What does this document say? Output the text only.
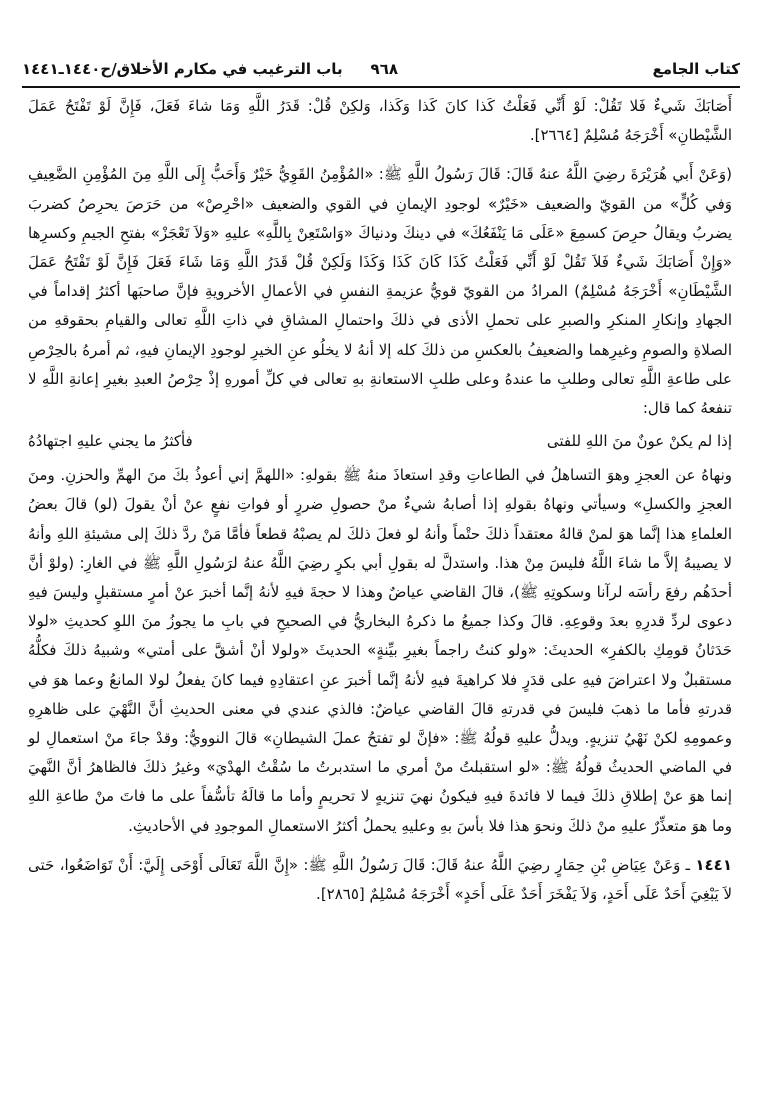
كتاب الجامع
٩٦٨
باب الترغيب في مكارم الأخلاق/ح١٤٤٠ـ١٤٤١

أَصَابَكَ شَيءٌ فَلا تَقُلْ: لَوْ أَنِّي فَعَلْتُ كَذا كانَ كَذا وَكَذا، وَلكِنْ قُلْ: قَدَرُ اللَّهِ وَمَا شاءَ فَعَلَ، فَإِنَّ لَوْ تَفْتَحُ عَمَلَ الشَّيْطانِ» أَخْرَجَهُ مُسْلِمٌ [٢٦٦٤].

(وَعَنْ أَبي هُرَيْرَةَ رضِيَ اللَّهُ عنهُ قَالَ: قَالَ رَسُولُ اللَّهِ ﷺ: «المُؤْمِنُ القَوِيُّ خَيْرٌ وَأَحَبُّ إِلَى اللَّهِ مِنَ المُؤْمِنِ الضَّعِيفِ وَفي كُلٍّ» من القويّ والضعيف «خَيْرٌ» لوجودِ الإيمانِ في القوي والضعيف «احْرِصْ» من حَرَصَ يحرِصُ كضربَ يضربُ ويقالُ حرِصَ كسمِعَ «عَلَى مَا يَنْفَعُكَ» في دينكَ ودنياكَ «وَاسْتَعِنْ بِاللَّهِ» عليهِ «وَلاَ تَعْجَزْ» بفتحِ الجيمِ وكسرِها «وَإِنْ أَصَابَكَ شَيءٌ فَلاَ تَقُلْ لَوْ أَنِّي فَعَلْتُ كَذَا كَانَ كَذَا وَكَذَا وَلَكِنْ قُلْ قَدَرُ اللَّهِ وَمَا شَاءَ فَعَلَ فَإِنَّ لَوْ تَفْتَحُ عَمَلَ الشَّيْطَانِ» أَخْرَجَهُ مُسْلِمٌ) المرادُ من القويّ قويُّ عزيمةِ النفسِ في الأعمالِ الأخرويةِ فإنَّ صاحبَها أكثرُ إقداماً في الجهادِ وإنكارِ المنكرِ والصبرِ على تحملِ الأذى في ذلكَ واحتمالِ المشاقِ في ذاتِ اللَّهِ تعالى والقيامِ بحقوقهِ من الصلاةِ والصومِ وغيرِهما والضعيفُ بالعكسِ من ذلكَ كله إلا أنهُ لا يخلُو عنِ الخيرِ لوجودِ الإيمانِ فيهِ، ثم أمرهُ بالحِرْصِ على طاعةِ اللَّهِ تعالى وطلبِ ما عندهُ وعلى طلبِ الاستعانةِ بهِ تعالى في كلِّ أمورهِ إذْ حِرْصُ العبدِ بغيرِ إعانةِ اللَّهِ لا تنفعهُ كما قال:

إذا لم يكنْ عونٌ منَ اللهِ للفتى
فأكثرُ ما يجني عليهِ اجتهادُهُ

ونهاهُ عن العجزِ وهوَ التساهلُ في الطاعاتِ وقدِ استعاذَ منهُ ﷺ بقولهِ: «اللهمَّ إني أعوذُ بكَ منَ الهمِّ والحزنِ. ومنَ العجزِ والكسلِ» وسيأتي ونهاهُ بقولهِ إذا أصابهُ شيءٌ منْ حصولِ ضررٍ أو فواتِ نفعٍ عنْ أنْ يقولَ (لو) قالَ بعضُ العلماءِ هذا إنَّما هوَ لمنْ قالهُ معتقداً ذلكَ حتْماً وأنهُ لو فعلَ ذلكَ لم يصبْهُ قطعاً فأمَّا مَنْ ردَّ ذلكَ إلى مشيئةِ اللهِ وأنهُ لا يصيبهُ إلاَّ ما شاءَ اللَّهُ فليسَ مِنْ هذا. واستدلَّ له بقولِ أبي بكرٍ رضِيَ اللَّهُ عنهُ لرَسُولِ اللَّهِ ﷺ في الغارِ: (ولوْ أنَّ أحدَهُم رفعَ رأسَه لرآنا وسكوتِهِ ﷺ)، قالَ القاضي عياضٌ وهذا لا حجةَ فيهِ لأنهُ إنَّما أخبرَ عنْ أمرٍ مستقبلٍ وليسَ فيهِ دعوى لردِّ قدرِهِ بعدَ وقوعِهِ. قالَ وكذا جميعُ ما ذكرهُ البخاريُّ في الصحيحِ في بابِ ما يجوزُ منَ اللوِ كحديثِ «لولا حَدَثانُ قومِكِ بالكفرِ» الحديثَ: «ولو كنتُ راجماً بغيرِ بيِّنةٍ» الحديثَ «ولولا أنْ أشقَّ على أمتي» وشبيهُ ذلكَ فكلُّهُ مستقبلٌ ولا اعتراضَ فيهِ على قدَرٍ فلا كراهيةَ فيهِ لأنهُ إنَّما أخبرَ عنِ اعتقادِهِ فيما كانَ يفعلُ لولا المانعُ وعما هوَ في قدرتهِ فأما ما ذهبَ فليسَ في قدرتهِ قالَ القاضي عياضٌ: فالذي عندي في معنى الحديثِ أنَّ النَّهْيَ على ظاهرِهِ وعمومِهِ لكنْ نَهْيُ تنزيهٍ. ويدلُّ عليهِ قولُهُ ﷺ: «فإنَّ لو تفتحُ عملَ الشيطانِ» قالَ النوويُّ: وقدْ جاءَ منْ استعمالِ لو في الماضي الحديثُ قولُهُ ﷺ: «لو استقبلتُ منْ أمري ما استدبرتُ ما سُقْتُ الهدْيَ» وغيرُ ذلكَ فالظاهرُ أنَّ النَّهيَ إنما هوَ عنْ إطلاقِ ذلكَ فيما لا فائدةَ فيهِ فيكونُ نهيَ تنزيهٍ لا تحريمٍ وأما ما قالَهُ تأسُّفاً على ما فاتَ منْ طاعةِ اللهِ وما هوَ متعذِّرٌ عليهِ منْ ذلكَ ونحوَ هذا فلا بأسَ بهِ وعليهِ يحملُ أكثرُ الاستعمالِ الموجودِ في الأحاديثِ.

١٤٤١ ـ وَعَنْ عِيَاضِ بْنِ حِمَارٍ رضِيَ اللَّهُ عنهُ قَالَ: قَالَ رَسُولُ اللَّهِ ﷺ: «إِنَّ اللَّهَ تَعَالَى أَوْحَى إِلَيَّ: أَنْ تَوَاضَعُوا، حَتى لاَ يَبْغِيَ أَحَدٌ عَلَى أَحَدٍ، وَلاَ يَفْخَرَ أَحَدٌ عَلَى أَحَدٍ» أَخْرَجَهُ مُسْلِمٌ [٢٨٦٥].
